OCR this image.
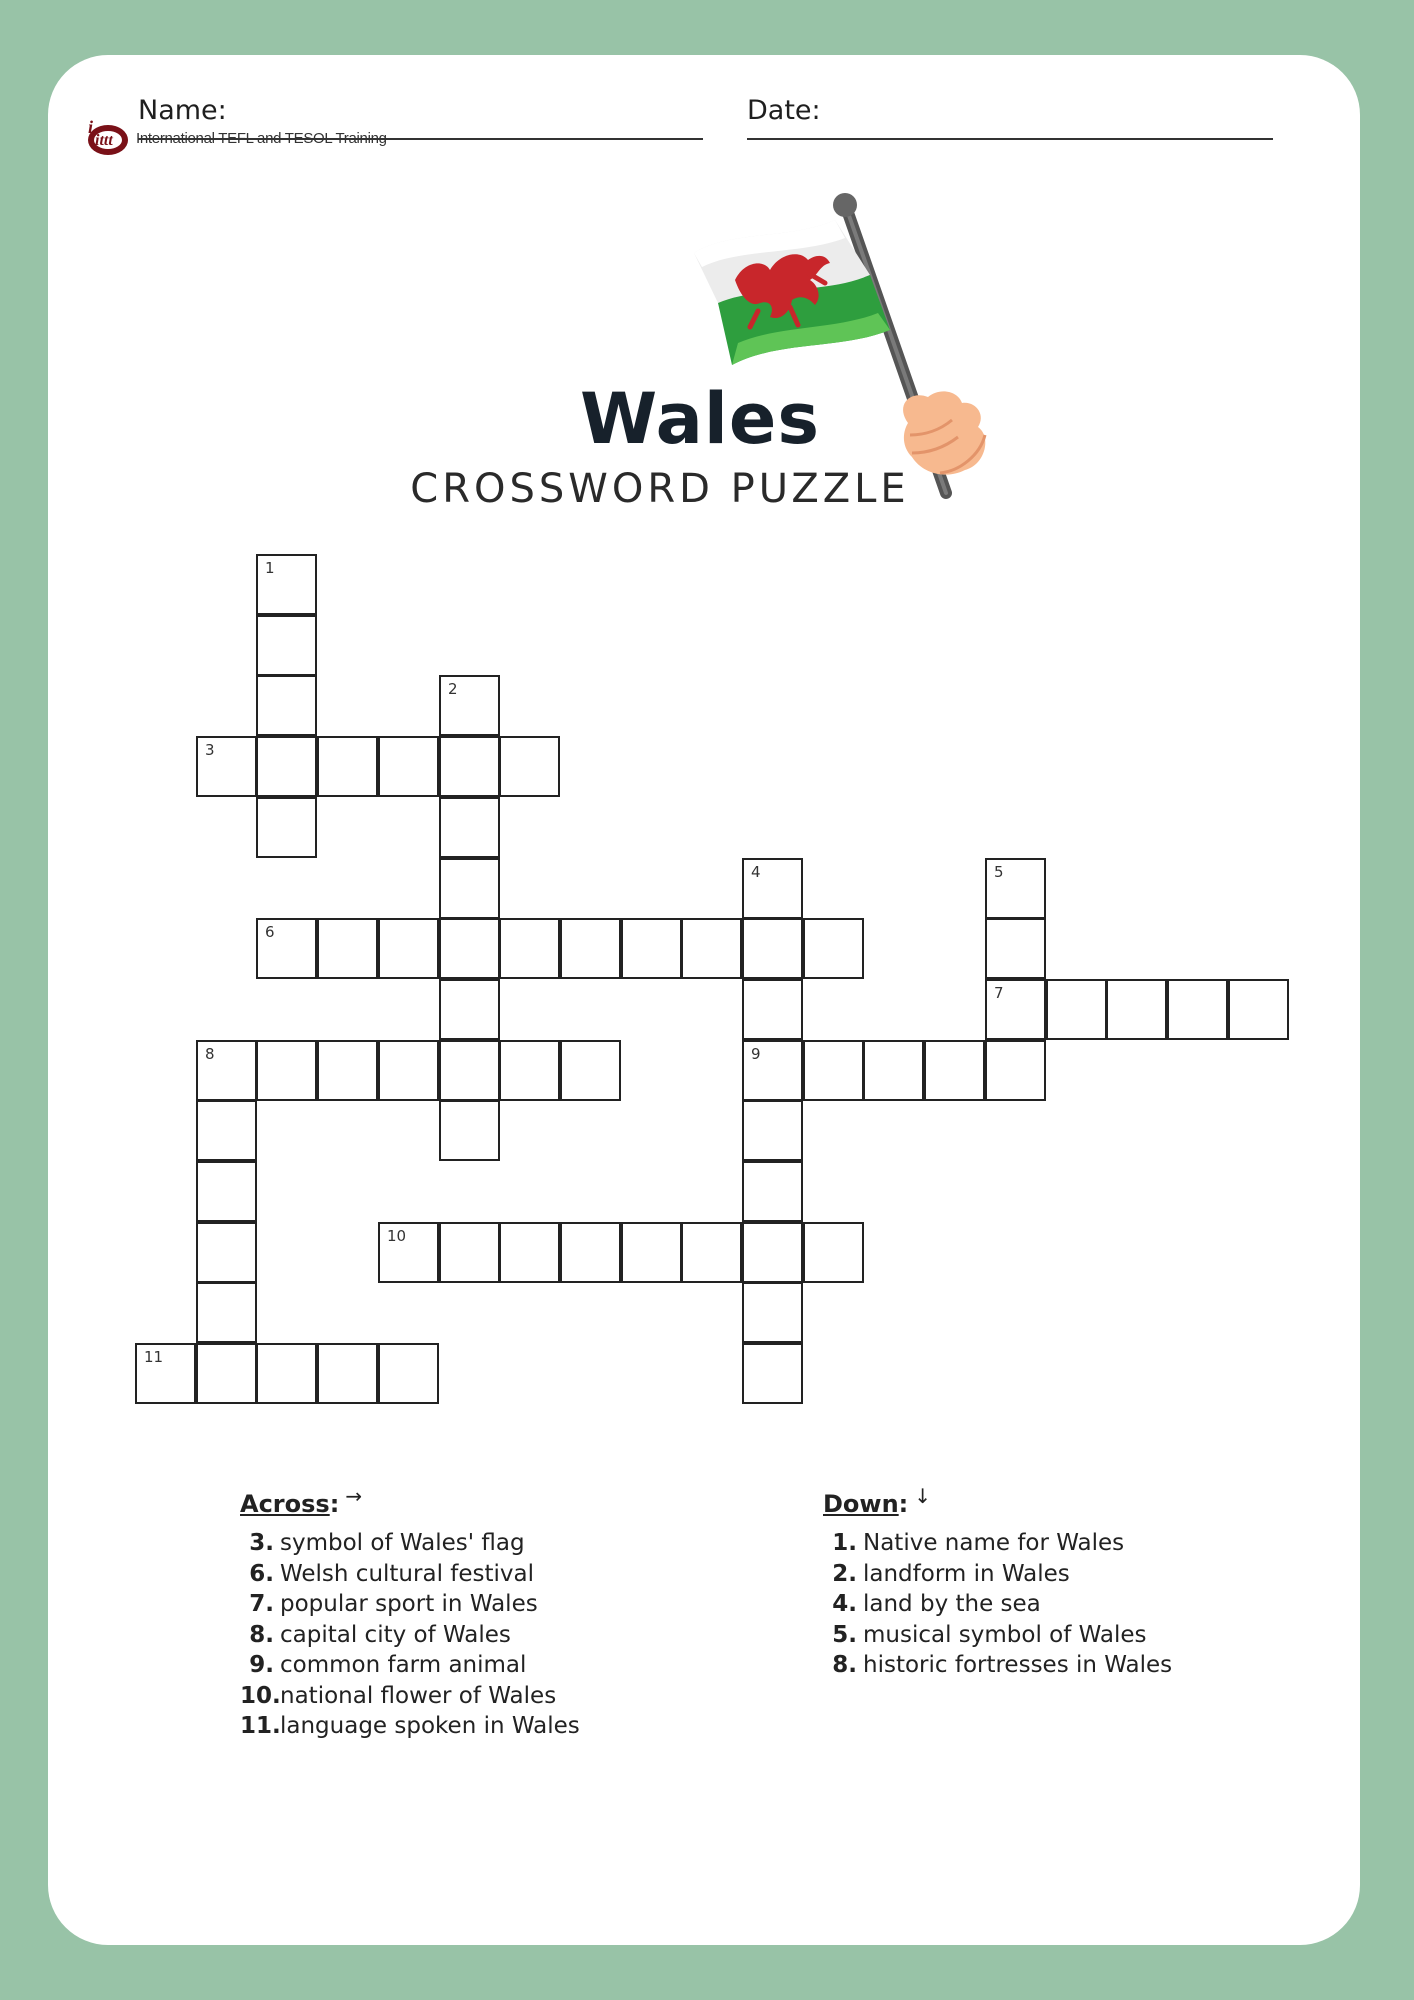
Name:	Date:
ittt
i
International TEFL and TESOL Training
Wales
CROSSWORD PUZZLE
1
2
3
4
9
5
7
6
8
10
11
Across: →
3. symbol of Wales' flag
6. Welsh cultural festival
7. popular sport in Wales
8. capital city of Wales
9. common farm animal
10. national flower of Wales
11. language spoken in Wales
Down: ↓
1. Native name for Wales
2. landform in Wales
4. land by the sea
5. musical symbol of Wales
8. historic fortresses in Wales
